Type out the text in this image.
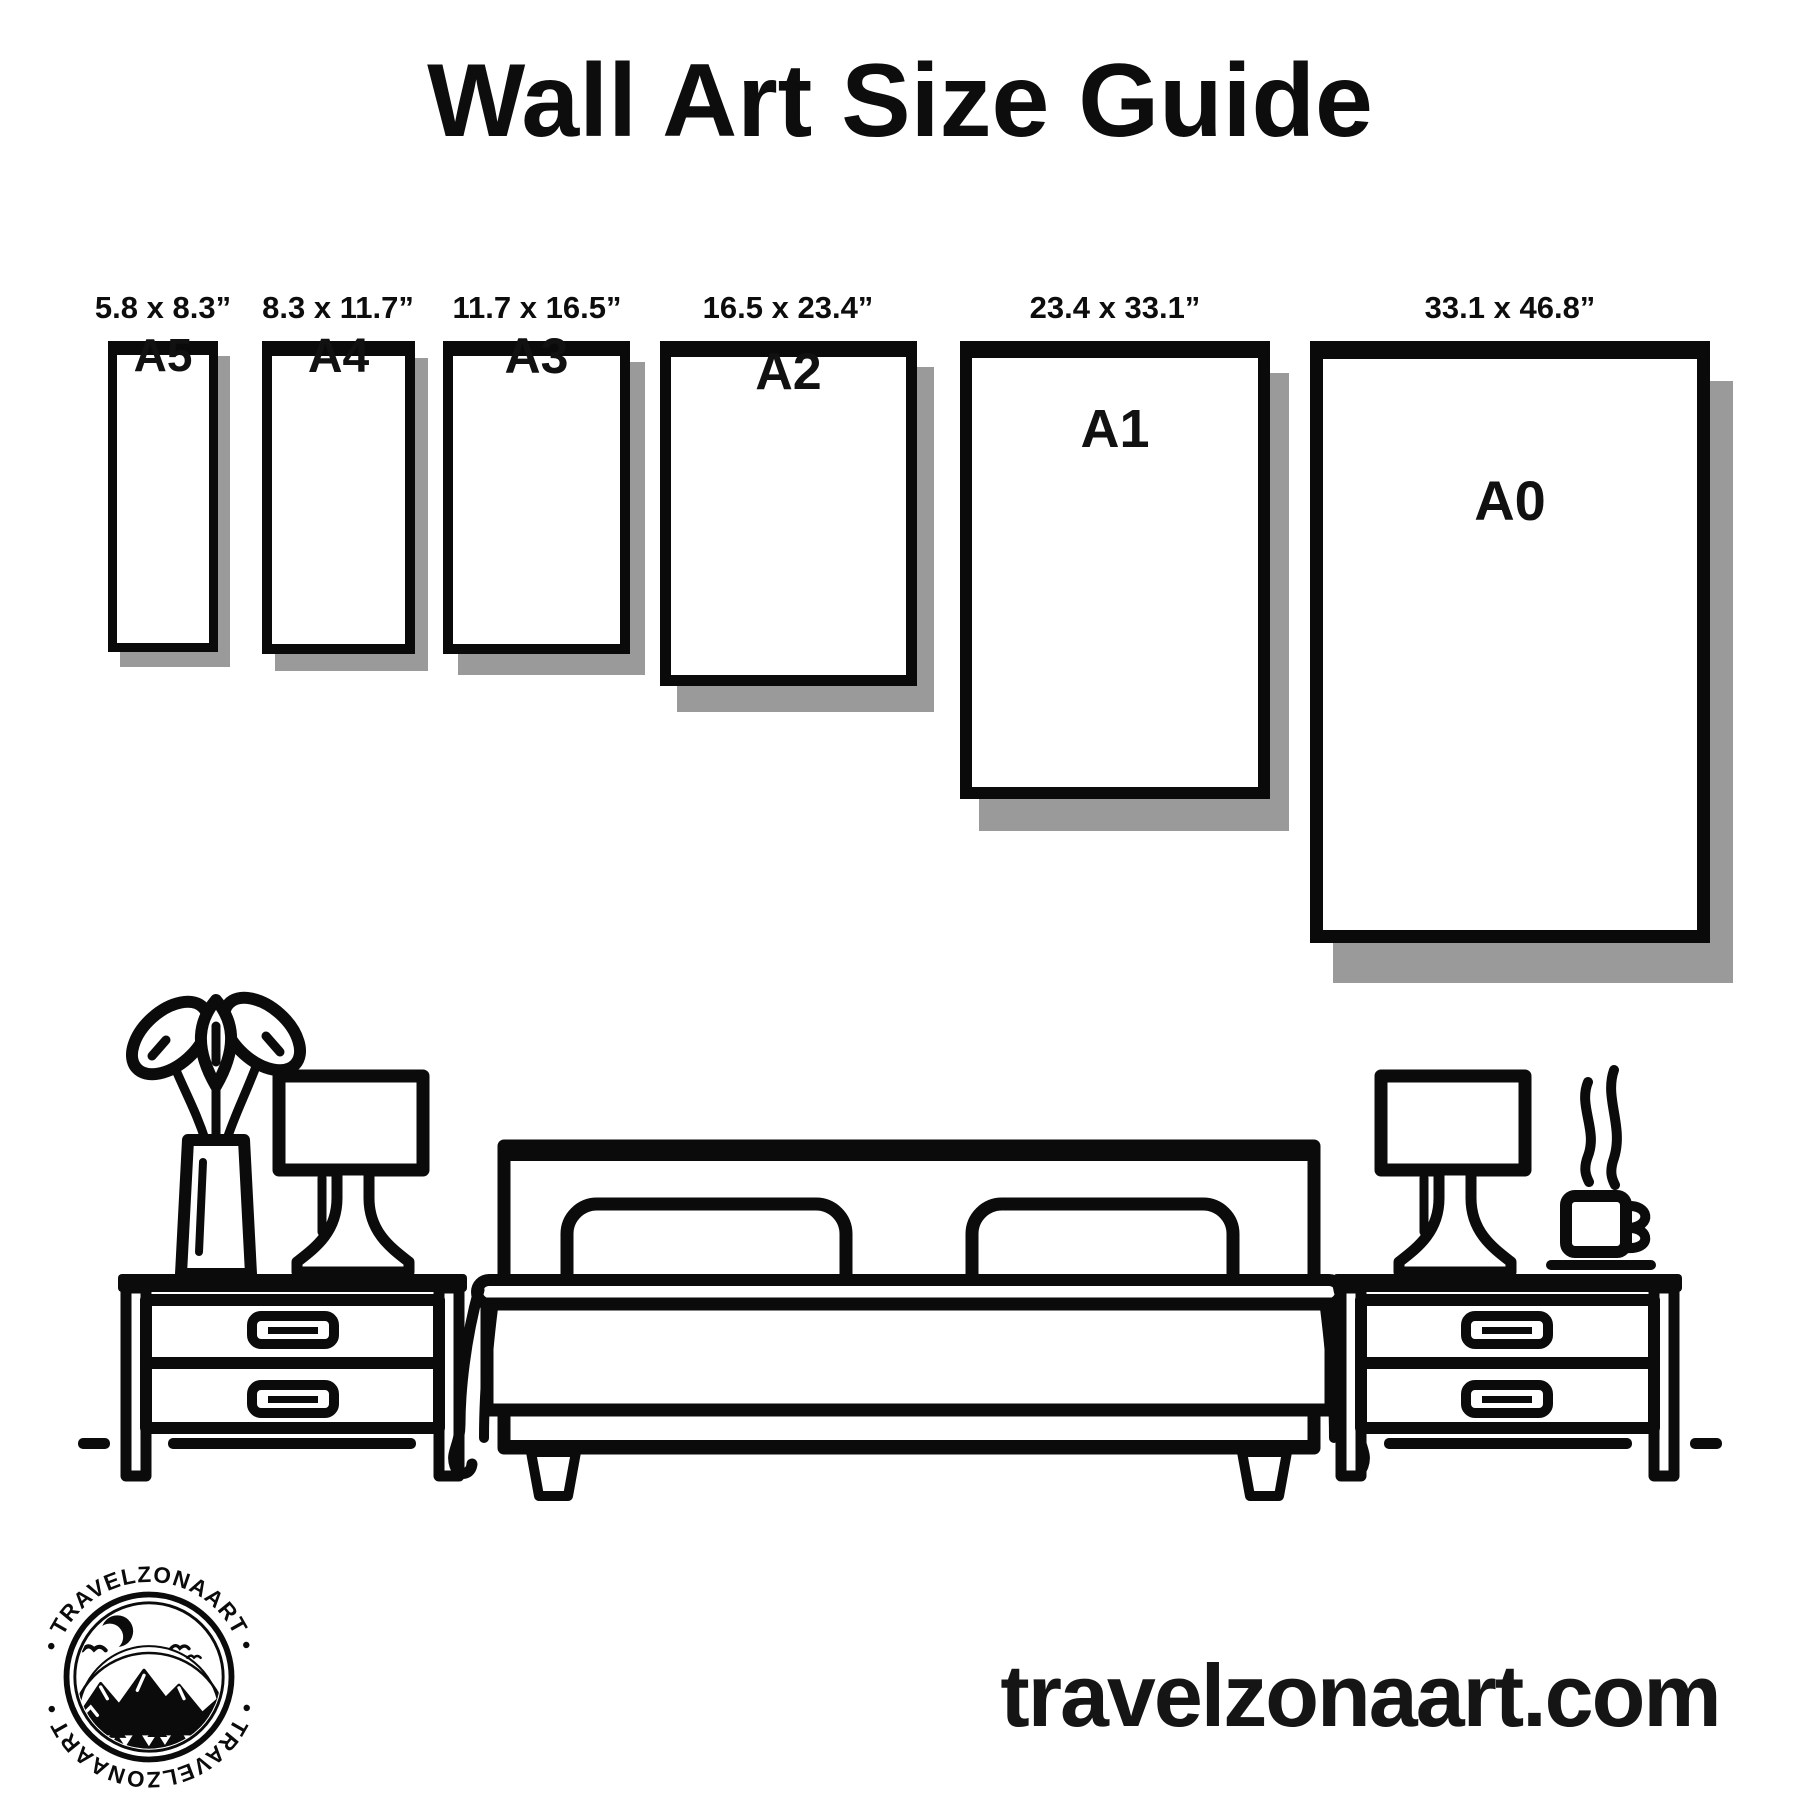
Wall Art Size Guide
5.8 x 8.3”	8.3 x 11.7”	11.7 x 16.5”	16.5 x 23.4”	23.4 x 33.1”	33.1 x 46.8”
A5 A4	A3	A2
A1
A0
• TRAVELZONAART •
• TRAVELZONAART •	travelzonaart.com
